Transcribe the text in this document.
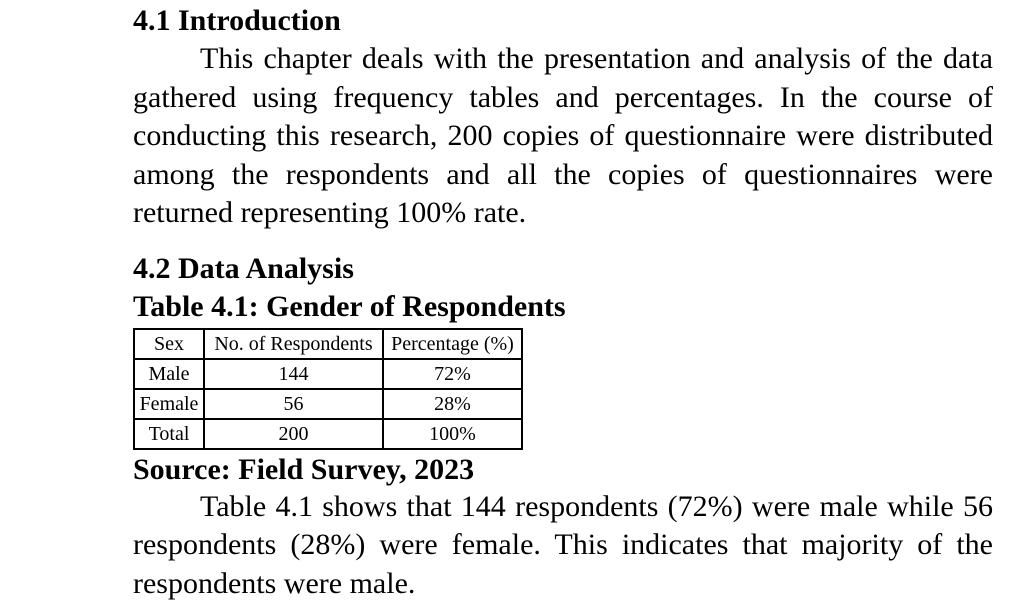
4.1 Introduction

This chapter deals with the presentation and analysis of the data gathered using frequency tables and percentages. In the course of conducting this research, 200 copies of questionnaire were distributed among the respondents and all the copies of questionnaires were returned representing 100% rate.

4.2 Data Analysis
Table 4.1: Gender of Respondents
Sex	No. of Respondents	Percentage (%)
Male	144	72%
Female	56	28%
Total	200	100%

Source: Field Survey, 2023

Table 4.1 shows that 144 respondents (72%) were male while 56 respondents (28%) were female. This indicates that majority of the respondents were male.
